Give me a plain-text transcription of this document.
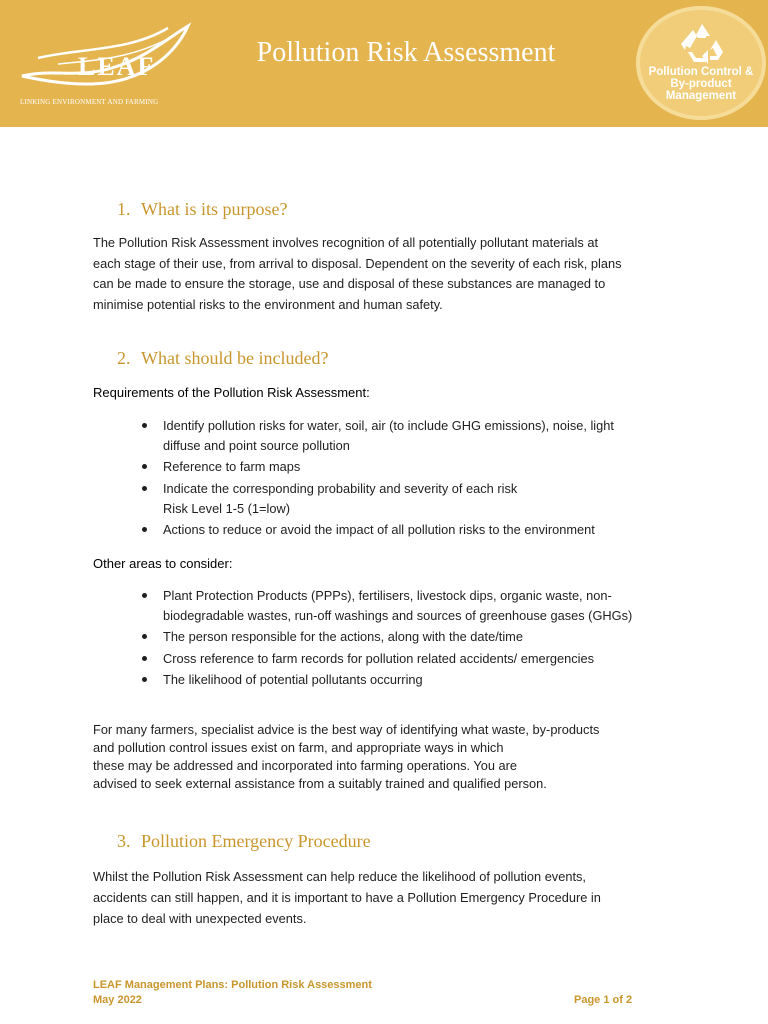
LEAF
LINKING ENVIRONMENT AND FARMING
Pollution Risk Assessment
Pollution Control & By-product Management
1. What is its purpose?
The Pollution Risk Assessment involves recognition of all potentially pollutant materials at
each stage of their use, from arrival to disposal. Dependent on the severity of each risk, plans
can be made to ensure the storage, use and disposal of these substances are managed to
minimise potential risks to the environment and human safety.
2. What should be included?
Requirements of the Pollution Risk Assessment:
Identify pollution risks for water, soil, air (to include GHG emissions), noise, light
diffuse and point source pollution
Reference to farm maps
Indicate the corresponding probability and severity of each risk
Risk Level 1-5 (1=low)
Actions to reduce or avoid the impact of all pollution risks to the environment
Other areas to consider:
Plant Protection Products (PPPs), fertilisers, livestock dips, organic waste, non-
biodegradable wastes, run-off washings and sources of greenhouse gases (GHGs)
The person responsible for the actions, along with the date/time
Cross reference to farm records for pollution related accidents/ emergencies
The likelihood of potential pollutants occurring
For many farmers, specialist advice is the best way of identifying what waste, by-products
and pollution control issues exist on farm, and appropriate ways in which
these may be addressed and incorporated into farming operations. You are
advised to seek external assistance from a suitably trained and qualified person.
3. Pollution Emergency Procedure
Whilst the Pollution Risk Assessment can help reduce the likelihood of pollution events,
accidents can still happen, and it is important to have a Pollution Emergency Procedure in
place to deal with unexpected events.
LEAF Management Plans: Pollution Risk Assessment
May 2022	Page 1 of 2
